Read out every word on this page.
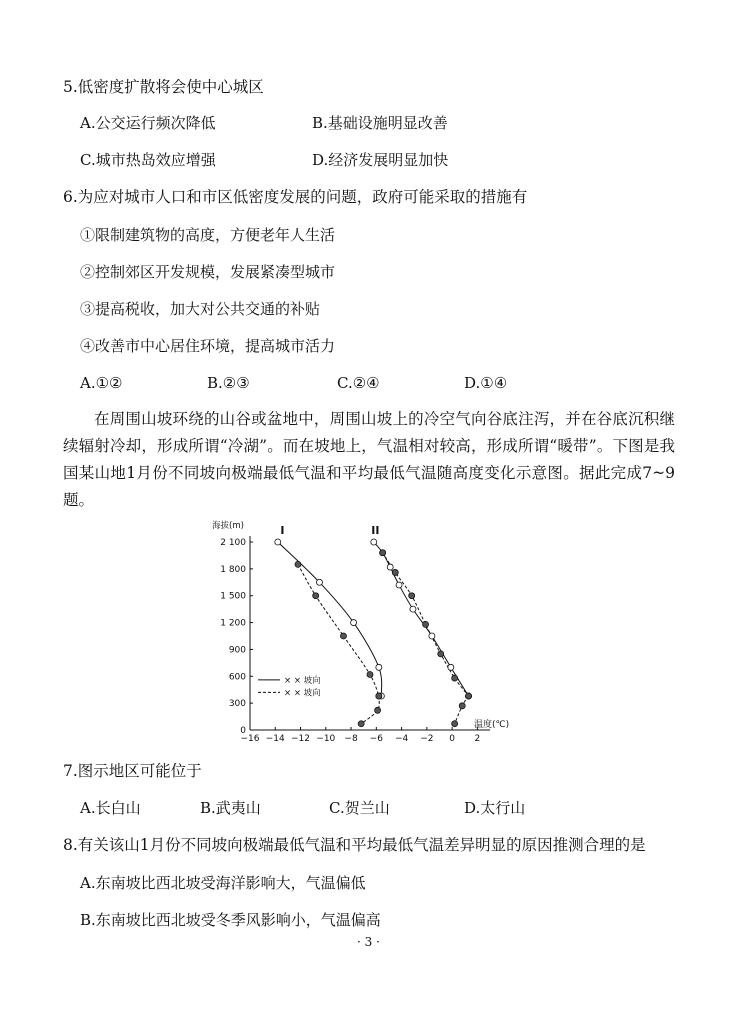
5.低密度扩散将会使中心城区
A.公交运行频次降低	B.基础设施明显改善
C.城市热岛效应增强	D.经济发展明显加快
6.为应对城市人口和市区低密度发展的问题，政府可能采取的措施有
①限制建筑物的高度，方便老年人生活
②控制郊区开发规模，发展紧凑型城市
③提高税收，加大对公共交通的补贴
④改善市中心居住环境，提高城市活力
A.①②	B.②③	C.②④	D.①④
在周围山坡环绕的山谷或盆地中，周围山坡上的冷空气向谷底注泻，并在谷底沉积继续辐射冷却，形成所谓“冷湖”。而在坡地上，气温相对较高，形成所谓“暖带”。下图是我国某山地1月份不同坡向极端最低气温和平均最低气温随高度变化示意图。据此完成7~9题。
−16 −14 −12 −10 −8 −6 −4 −2 0 2
0
300
600
900
1 200
1 500
1 800
2 100
海拔(m)
温度(℃)
I	II
× × 坡向
× × 坡向
7.图示地区可能位于
A.长白山	B.武夷山	C.贺兰山	D.太行山
8.有关该山1月份不同坡向极端最低气温和平均最低气温差异明显的原因推测合理的是
A.东南坡比西北坡受海洋影响大，气温偏低
B.东南坡比西北坡受冬季风影响小，气温偏高
· 3 ·
